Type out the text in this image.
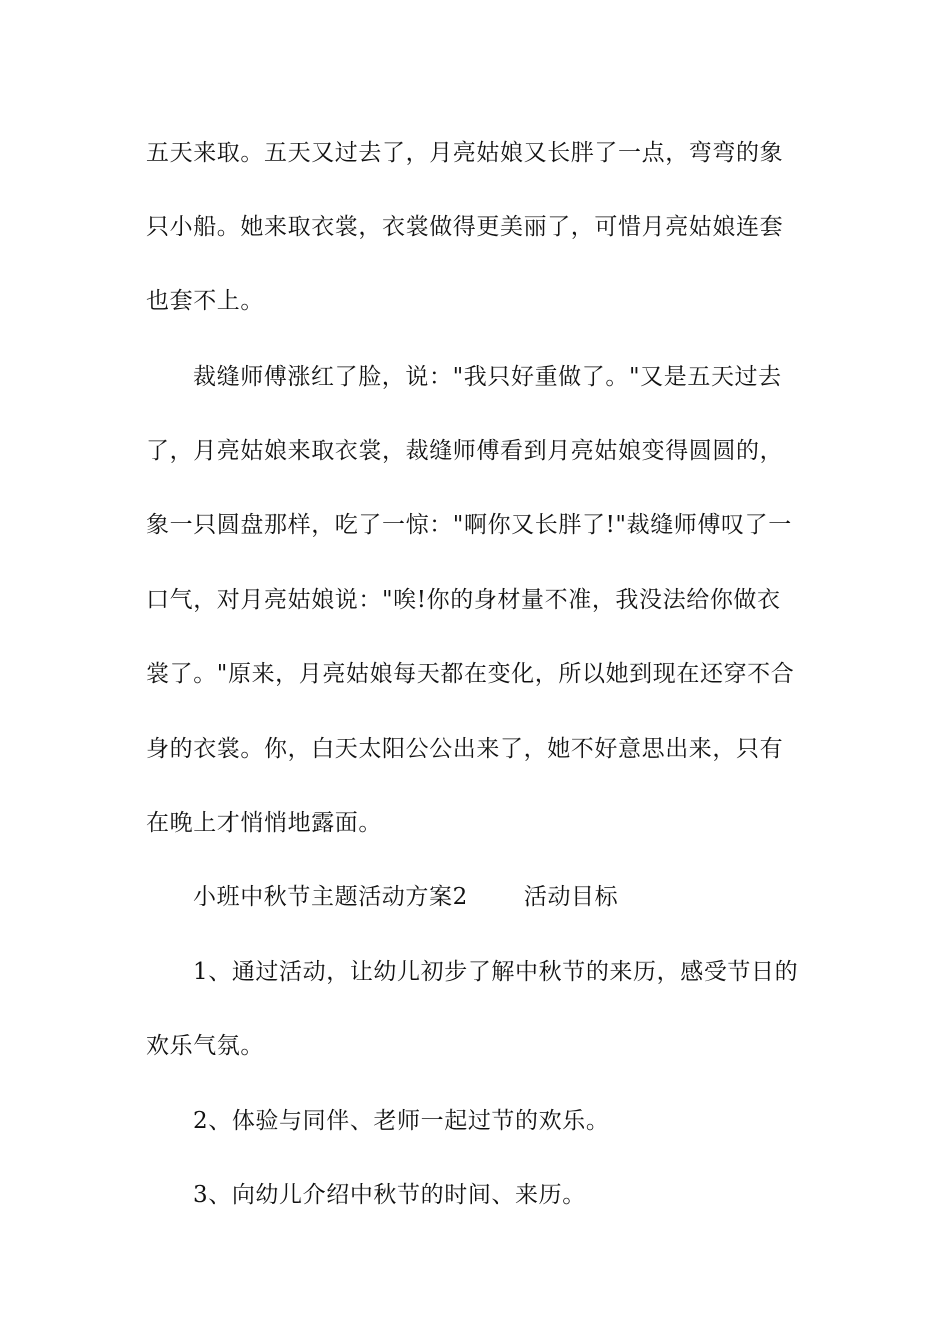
五天来取。五天又过去了，月亮姑娘又长胖了一点，弯弯的象
只小船。她来取衣裳，衣裳做得更美丽了，可惜月亮姑娘连套
也套不上。
裁缝师傅涨红了脸，说："我只好重做了。"又是五天过去
了，月亮姑娘来取衣裳，裁缝师傅看到月亮姑娘变得圆圆的，
象一只圆盘那样，吃了一惊："啊你又长胖了!"裁缝师傅叹了一
口气，对月亮姑娘说："唉!你的身材量不准，我没法给你做衣
裳了。"原来，月亮姑娘每天都在变化，所以她到现在还穿不合
身的衣裳。你，白天太阳公公出来了，她不好意思出来，只有
在晚上才悄悄地露面。
小班中秋节主题活动方案2 活动目标
1、通过活动，让幼儿初步了解中秋节的来历，感受节日的
欢乐气氛。
2、体验与同伴、老师一起过节的欢乐。
3、向幼儿介绍中秋节的时间、来历。
